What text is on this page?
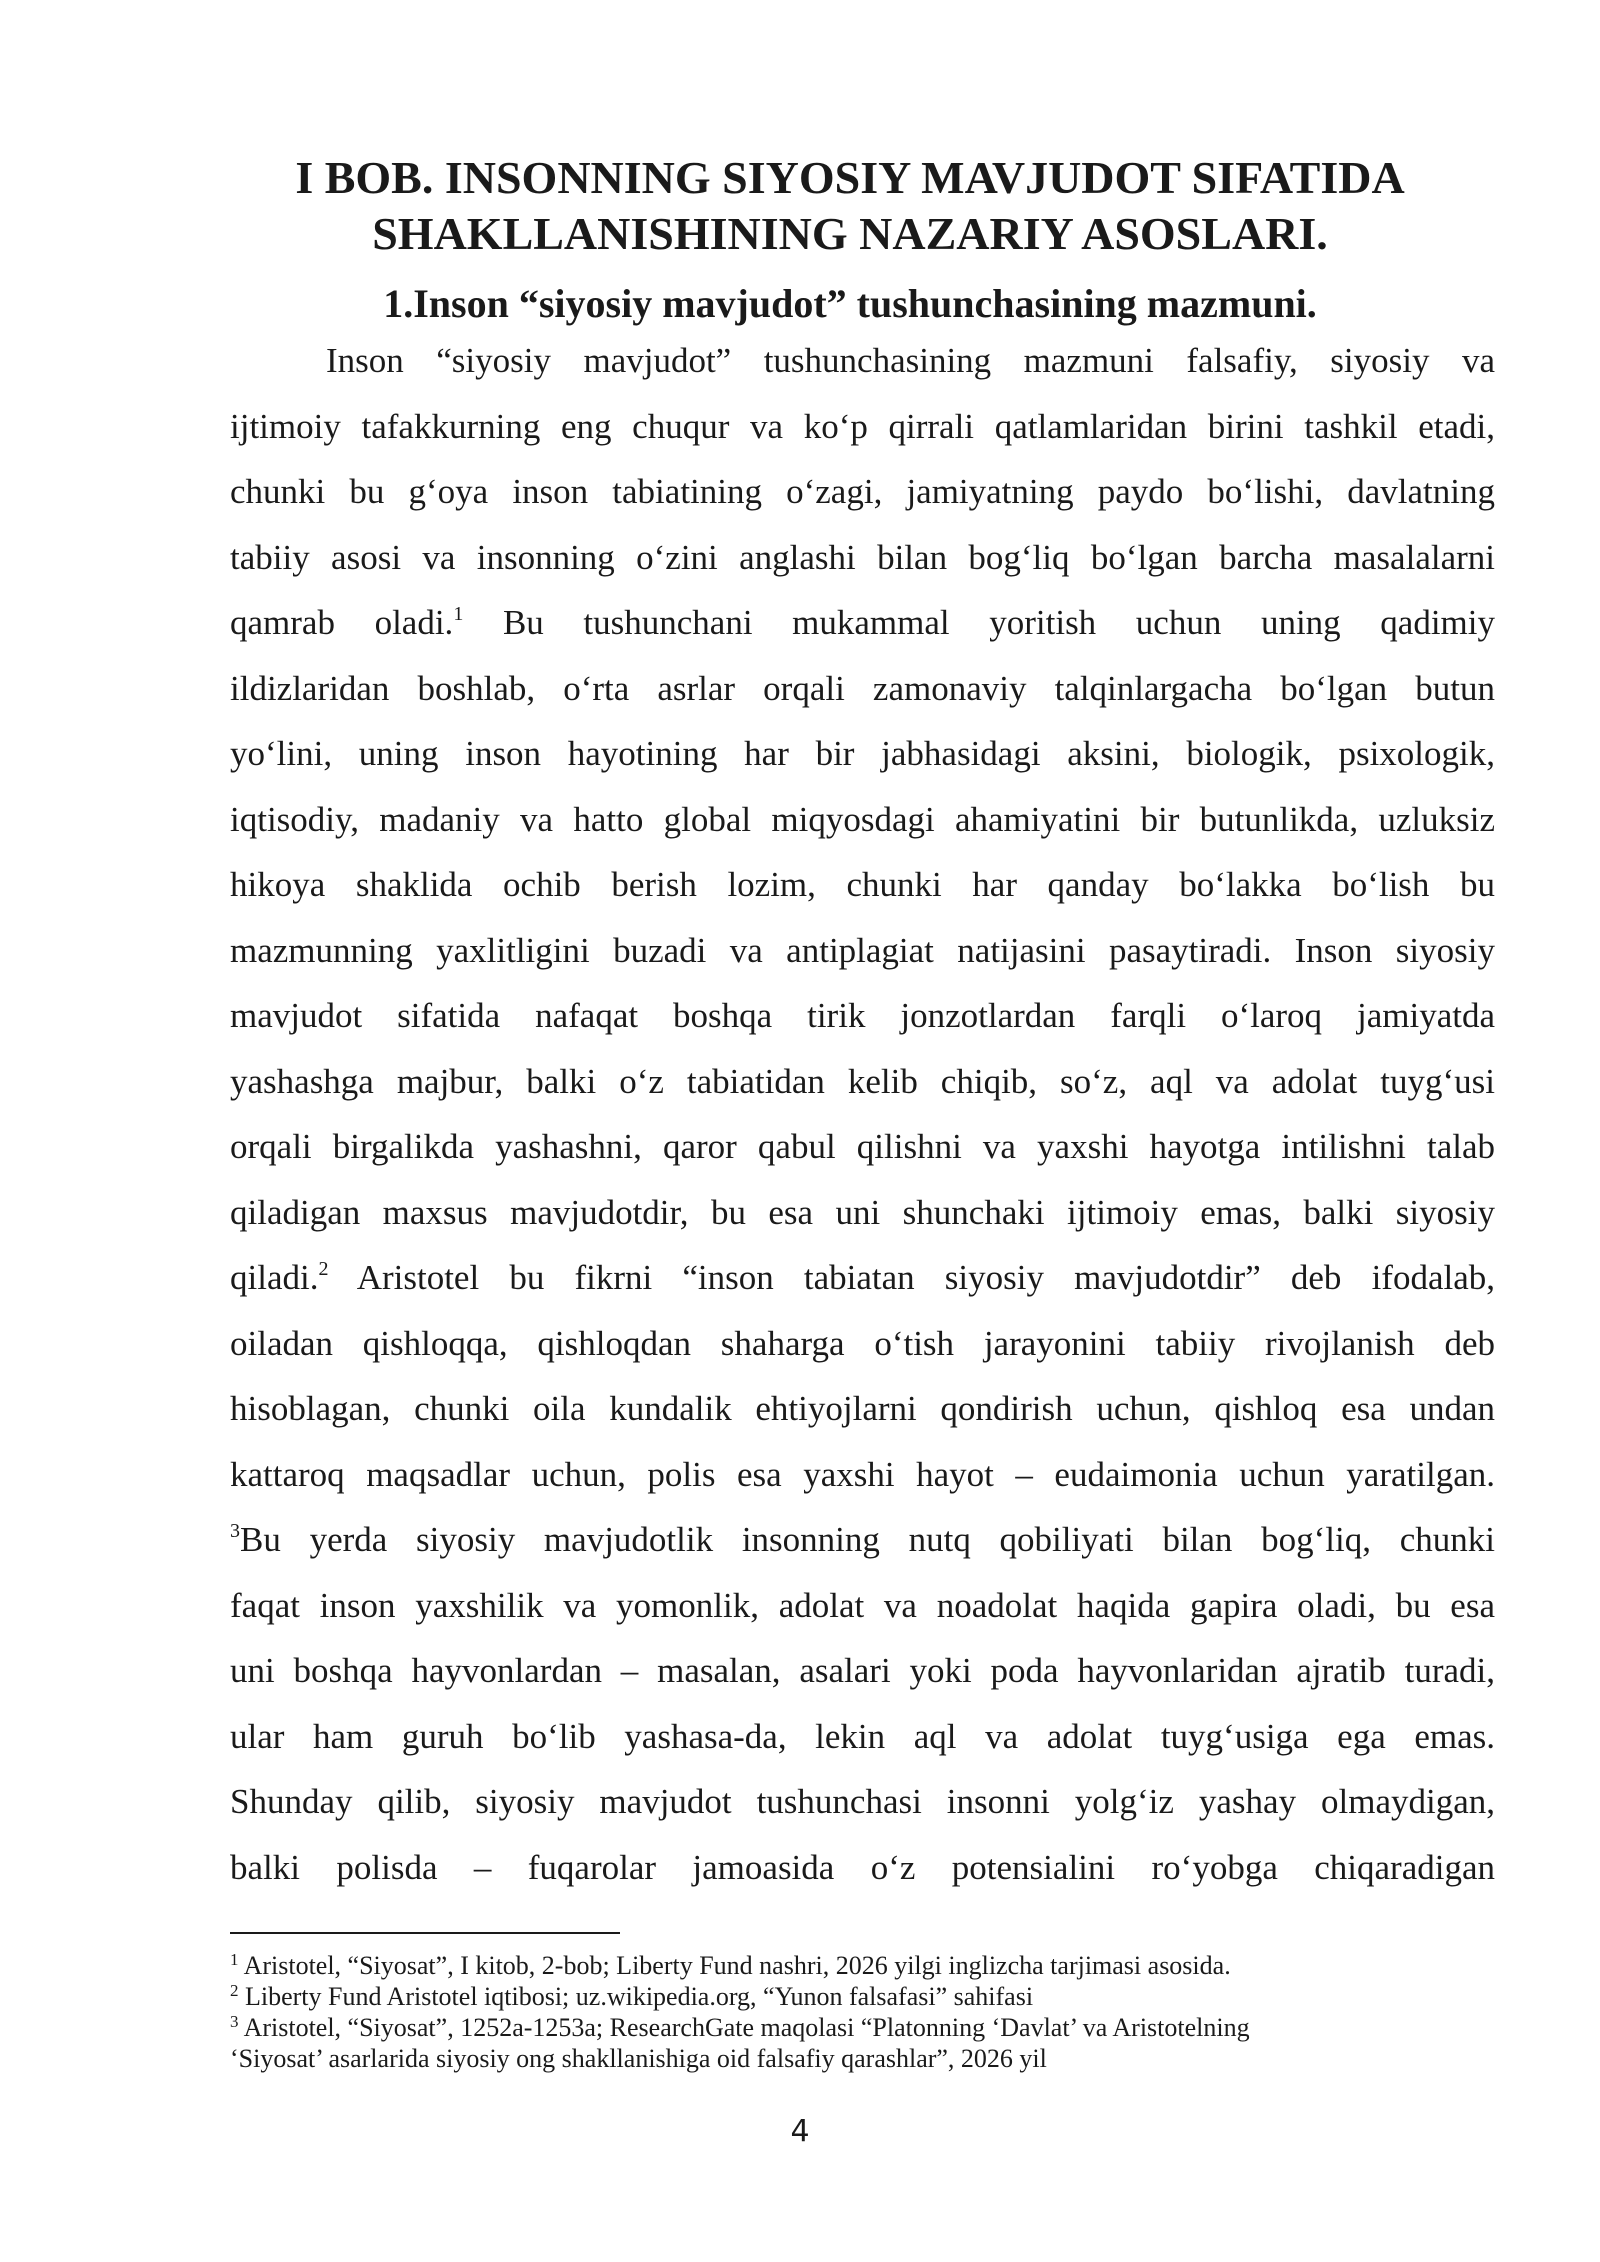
I BOB. INSONNING SIYOSIY MAVJUDOT SIFATIDA
SHAKLLANISHINING NAZARIY ASOSLARI.
1.Inson “siyosiy mavjudot” tushunchasining mazmuni.
Inson “siyosiy mavjudot” tushunchasining mazmuni falsafiy, siyosiy va
ijtimoiy tafakkurning eng chuqur va koʻp qirrali qatlamlaridan birini tashkil etadi,
chunki bu gʻoya inson tabiatining oʻzagi, jamiyatning paydo boʻlishi, davlatning
tabiiy asosi va insonning oʻzini anglashi bilan bogʻliq boʻlgan barcha masalalarni
qamrab oladi.$^1$ Bu tushunchani mukammal yoritish uchun uning qadimiy
ildizlaridan boshlab, oʻrta asrlar orqali zamonaviy talqinlargacha boʻlgan butun
yoʻlini, uning inson hayotining har bir jabhasidagi aksini, biologik, psixologik,
iqtisodiy, madaniy va hatto global miqyosdagi ahamiyatini bir butunlikda, uzluksiz
hikoya shaklida ochib berish lozim, chunki har qanday boʻlakka boʻlish bu
mazmunning yaxlitligini buzadi va antiplagiat natijasini pasaytiradi. Inson siyosiy
mavjudot sifatida nafaqat boshqa tirik jonzotlardan farqli oʻlaroq jamiyatda
yashashga majbur, balki oʻz tabiatidan kelib chiqib, soʻz, aql va adolat tuygʻusi
orqali birgalikda yashashni, qaror qabul qilishni va yaxshi hayotga intilishni talab
qiladigan maxsus mavjudotdir, bu esa uni shunchaki ijtimoiy emas, balki siyosiy
qiladi.$^2$ Aristotel bu fikrni “inson tabiatan siyosiy mavjudotdir” deb ifodalab,
oiladan qishloqqa, qishloqdan shaharga oʻtish jarayonini tabiiy rivojlanish deb
hisoblagan, chunki oila kundalik ehtiyojlarni qondirish uchun, qishloq esa undan
kattaroq maqsadlar uchun, polis esa yaxshi hayot – eudaimonia uchun yaratilgan.
$^3$Bu yerda siyosiy mavjudotlik insonning nutq qobiliyati bilan bogʻliq, chunki
faqat inson yaxshilik va yomonlik, adolat va noadolat haqida gapira oladi, bu esa
uni boshqa hayvonlardan – masalan, asalari yoki poda hayvonlaridan ajratib turadi,
ular ham guruh boʻlib yashasa-da, lekin aql va adolat tuygʻusiga ega emas.
Shunday qilib, siyosiy mavjudot tushunchasi insonni yolgʻiz yashay olmaydigan,
balki polisda – fuqarolar jamoasida oʻz potensialini roʻyobga chiqaradigan
$^1$ Aristotel, “Siyosat”, I kitob, 2-bob; Liberty Fund nashri, 2026 yilgi inglizcha tarjimasi asosida.
$^2$ Liberty Fund Aristotel iqtibosi; uz.wikipedia.org, “Yunon falsafasi” sahifasi
$^3$ Aristotel, “Siyosat”, 1252a-1253a; ResearchGate maqolasi “Platonning ‘Davlat’ va Aristotelning
‘Siyosat’ asarlarida siyosiy ong shakllanishiga oid falsafiy qarashlar”, 2026 yil
4
